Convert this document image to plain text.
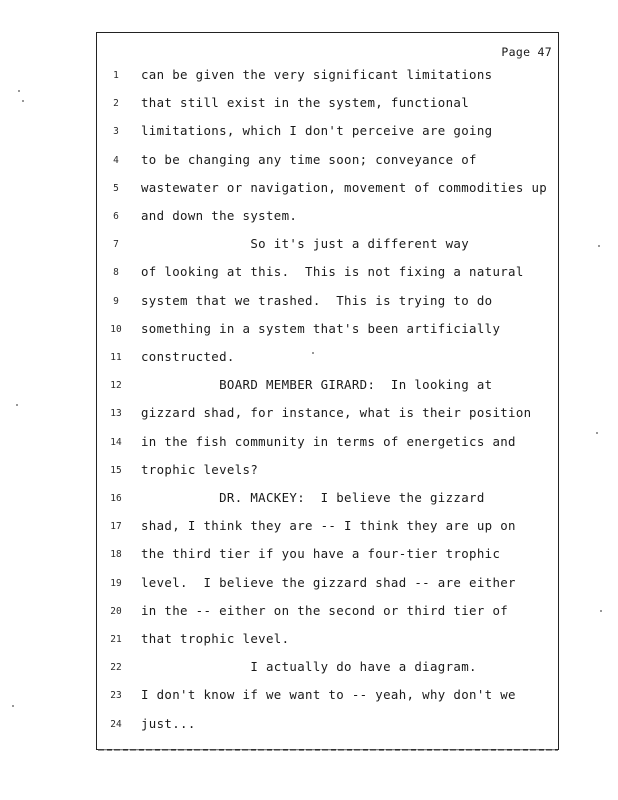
Page 47
1	can be given the very significant limitations
2	that still exist in the system, functional
3	limitations, which I don't perceive are going
4	to be changing any time soon; conveyance of
5	wastewater or navigation, movement of commodities up
6	and down the system.
7	So it's just a different way
8	of looking at this.  This is not fixing a natural
9	system that we trashed.  This is trying to do
10 something in a system that's been artificially
11 constructed.
12 BOARD MEMBER GIRARD:  In looking at
13 gizzard shad, for instance, what is their position
14 in the fish community in terms of energetics and
15 trophic levels?
16 DR. MACKEY:  I believe the gizzard
17 shad, I think they are -- I think they are up on
18 the third tier if you have a four-tier trophic
19 level.  I believe the gizzard shad -- are either
20 in the -- either on the second or third tier of
21 that trophic level.
22 I actually do have a diagram.
23 I don't know if we want to -- yeah, why don't we
24 just...
